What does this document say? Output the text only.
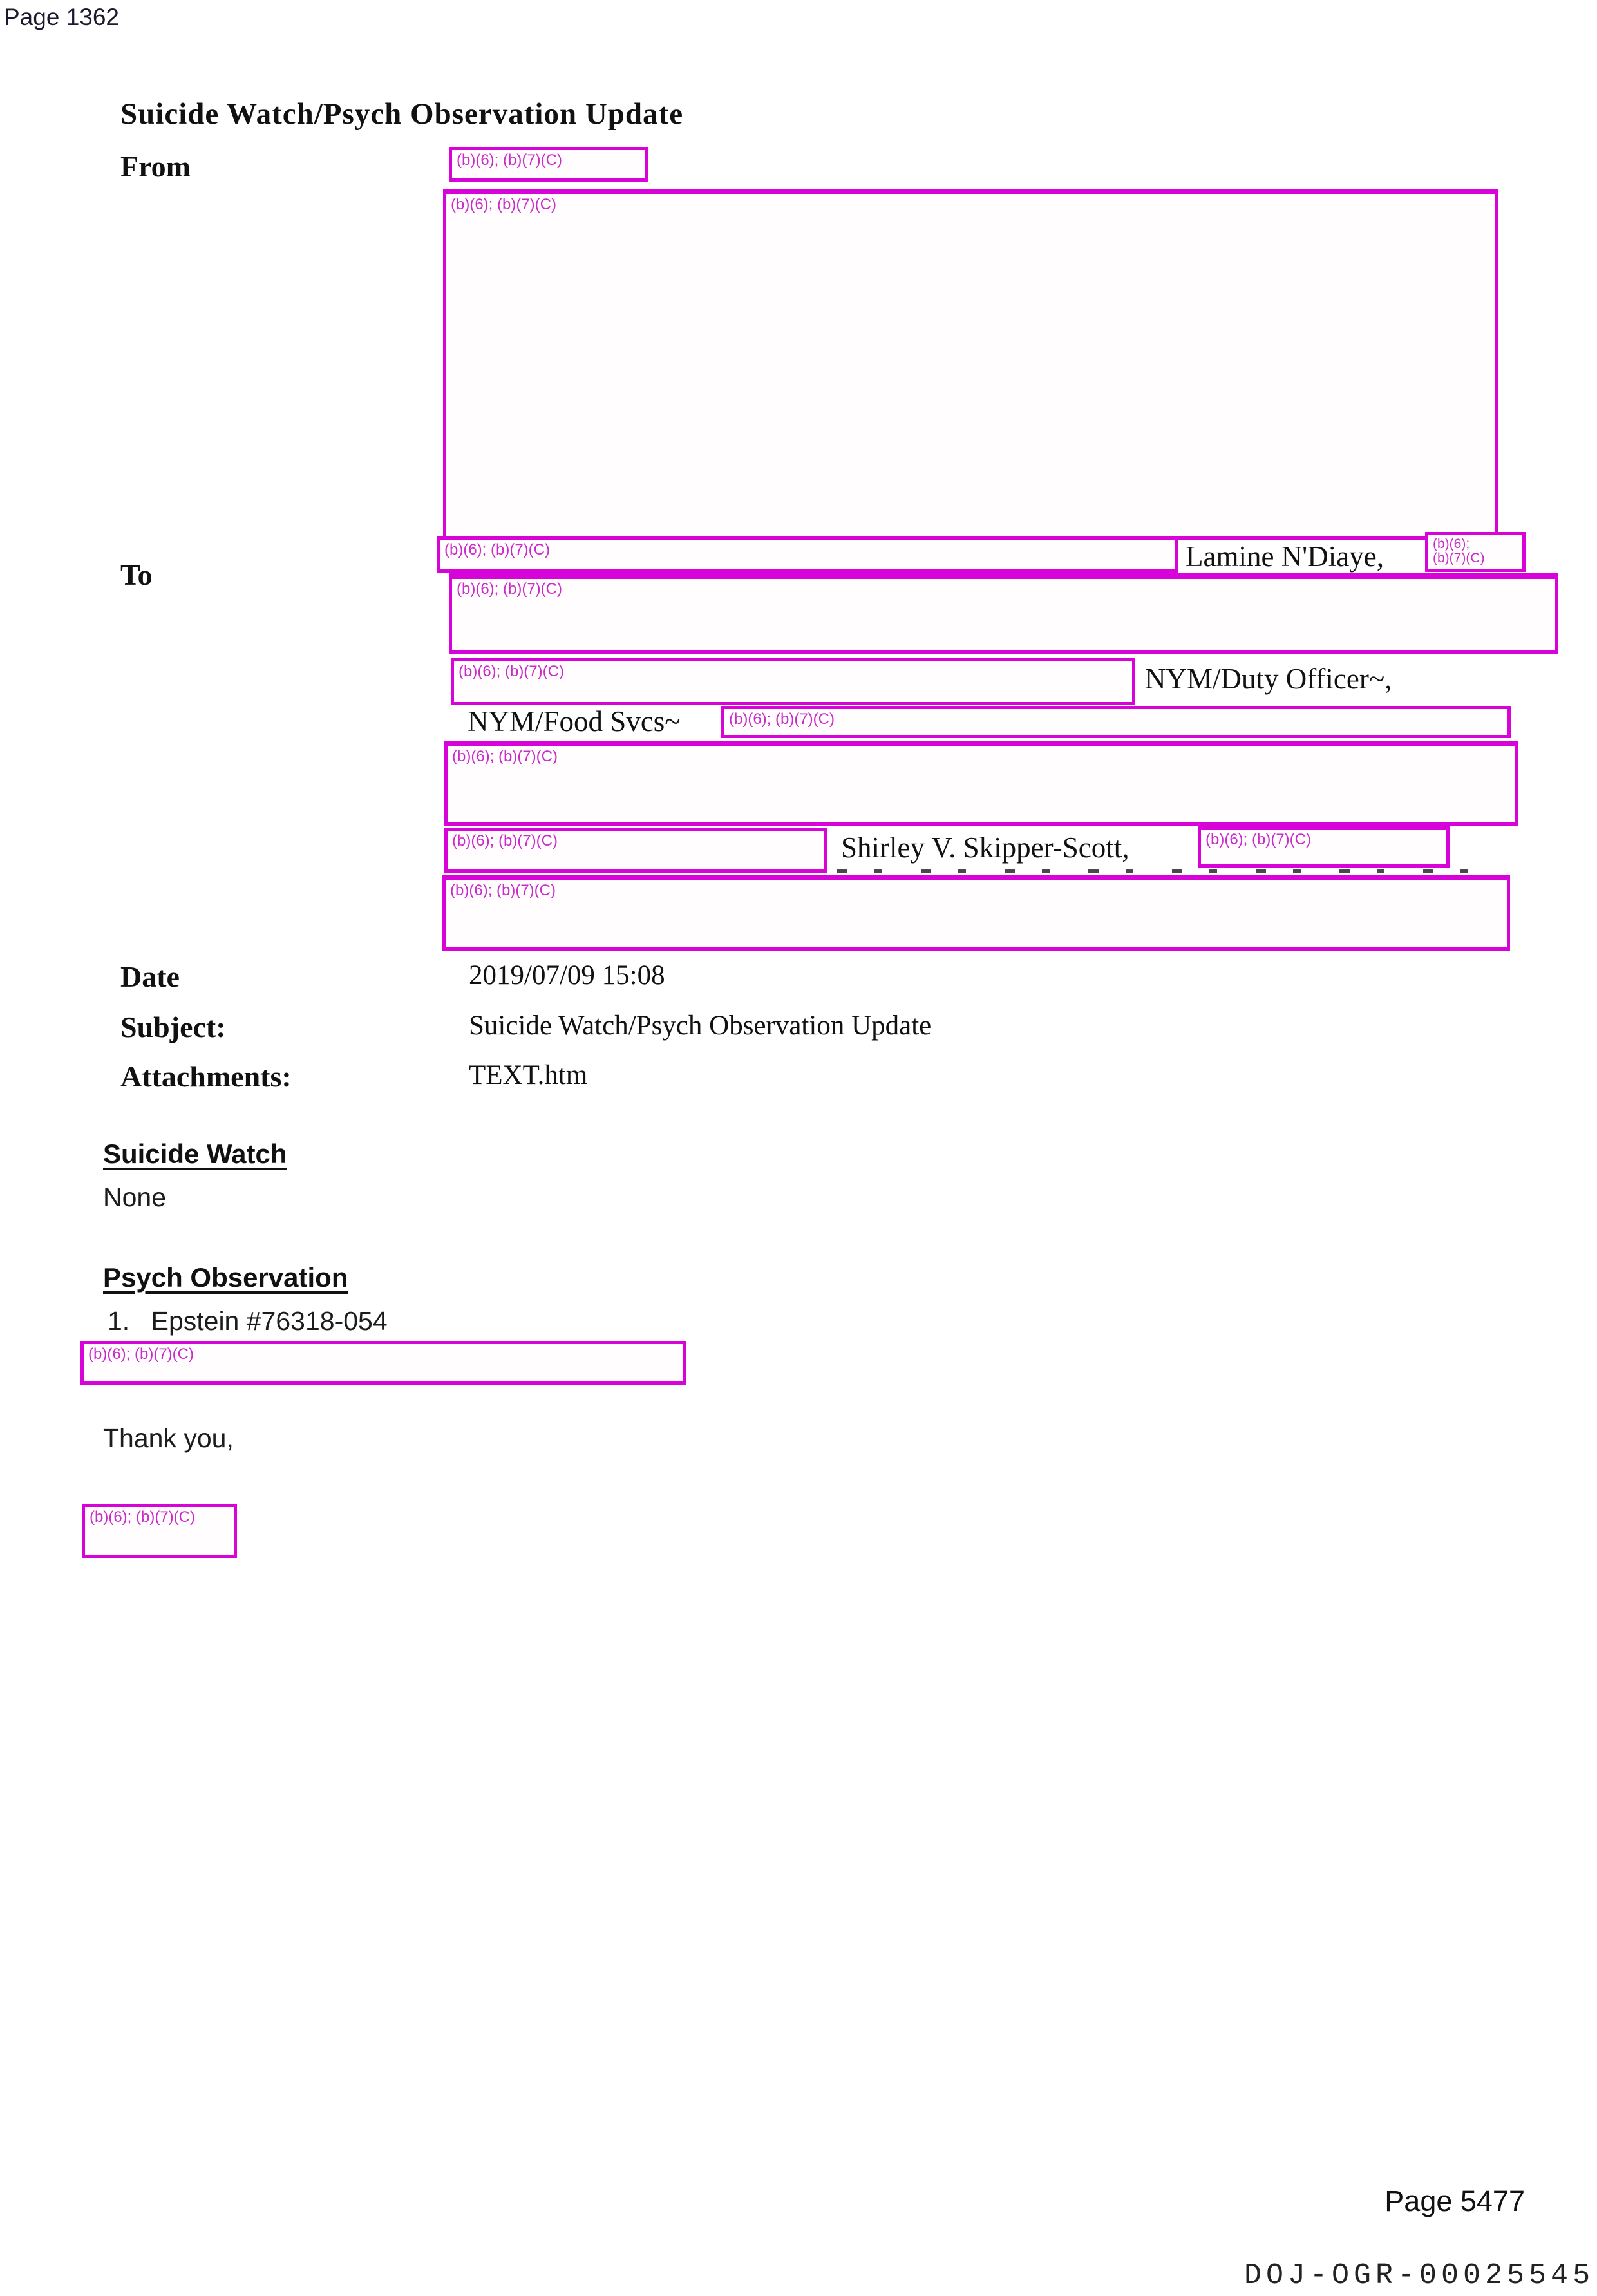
Page 1362
Suicide Watch/Psych Observation Update
From	(b)(6); (b)(7)(C)
(b)(6); (b)(7)(C)
To
(b)(6); (b)(7)(C)	Lamine N'Diaye,	(b)(6);
(b)(7)(C)
(b)(6); (b)(7)(C)
(b)(6); (b)(7)(C)	NYM/Duty Officer~,
NYM/Food Svcs~	(b)(6); (b)(7)(C)
(b)(6); (b)(7)(C)
(b)(6); (b)(7)(C)	Shirley V. Skipper-Scott,	(b)(6); (b)(7)(C)
(b)(6); (b)(7)(C)
Date	2019/07/09 15:08
Subject:	Suicide Watch/Psych Observation Update
Attachments:	TEXT.htm
Suicide Watch
None
Psych Observation
1. Epstein #76318-054
(b)(6); (b)(7)(C)
Thank you,
(b)(6); (b)(7)(C)
Page 5477
DOJ-OGR-00025545
